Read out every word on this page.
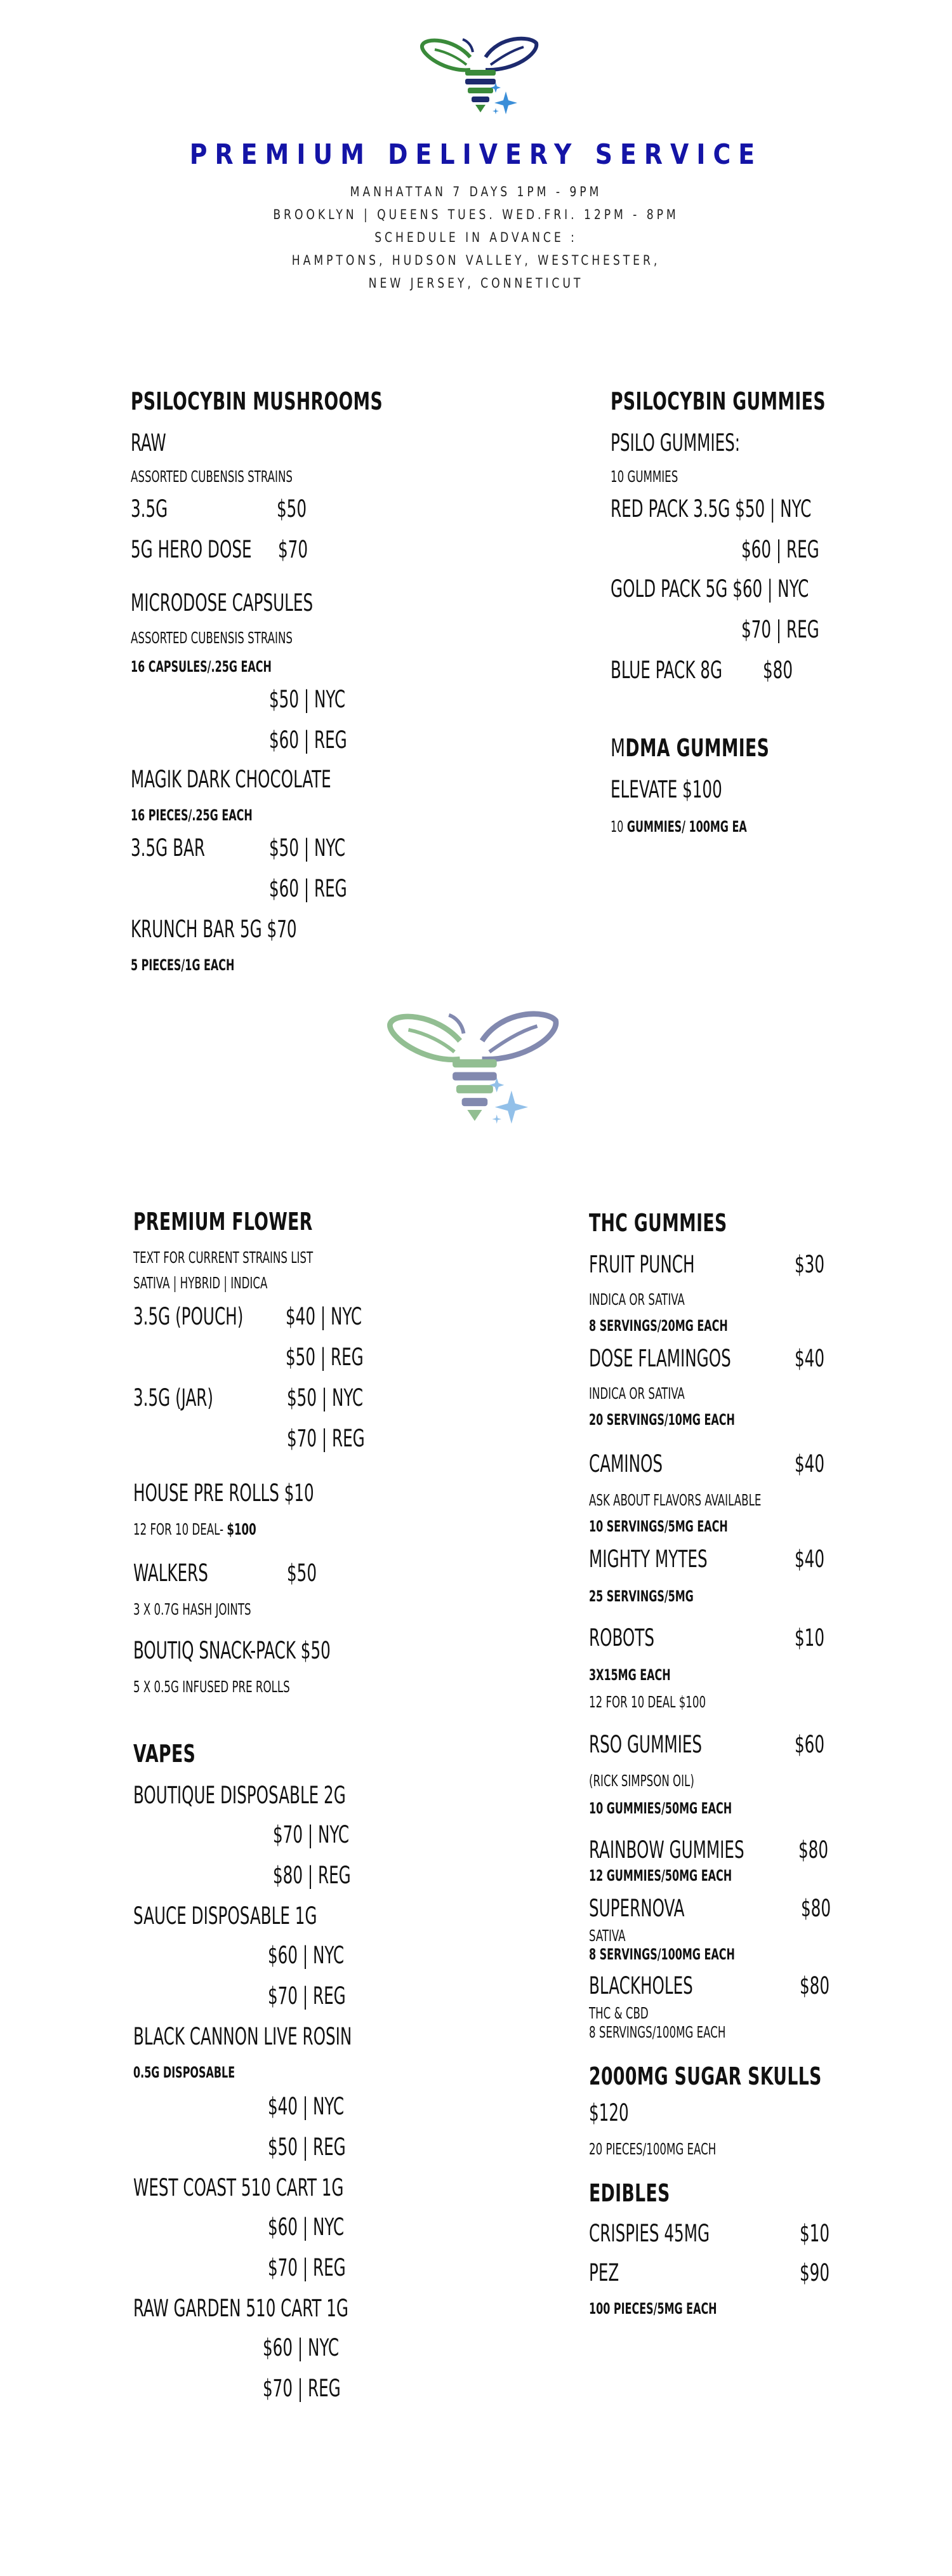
PREMIUM DELIVERY SERVICE
MANHATTAN 7 DAYS 1PM - 9PM
BROOKLYN | QUEENS TUES. WED.FRI. 12PM - 8PM
SCHEDULE IN ADVANCE :
HAMPTONS, HUDSON VALLEY, WESTCHESTER,
NEW JERSEY, CONNETICUT
PSILOCYBIN MUSHROOMS
RAW
ASSORTED CUBENSIS STRAINS
3.5G	$50
5G HERO DOSE $70
MICRODOSE CAPSULES
ASSORTED CUBENSIS STRAINS
16 CAPSULES/.25G EACH
$50 | NYC
$60 | REG
MAGIK DARK CHOCOLATE
16 PIECES/.25G EACH
3.5G BAR	$50 | NYC
$60 | REG
KRUNCH BAR 5G $70
5 PIECES/1G EACH
PSILOCYBIN GUMMIES
PSILO GUMMIES:
10 GUMMIES
RED PACK 3.5G $50 | NYC
$60 | REG
GOLD PACK 5G $60 | NYC
$70 | REG
BLUE PACK 8G $80
MDMA GUMMIES
ELEVATE $100
10 GUMMIES/ 100MG EA
PREMIUM FLOWER
TEXT FOR CURRENT STRAINS LIST
SATIVA | HYBRID | INDICA
3.5G (POUCH) $40 | NYC
$50 | REG
3.5G (JAR)	$50 | NYC
$70 | REG
HOUSE PRE ROLLS $10
12 FOR 10 DEAL- $100
WALKERS	$50
3 X 0.7G HASH JOINTS
BOUTIQ SNACK-PACK $50
5 X 0.5G INFUSED PRE ROLLS
VAPES
BOUTIQUE DISPOSABLE 2G
$70 | NYC
$80 | REG
SAUCE DISPOSABLE 1G
$60 | NYC
$70 | REG
BLACK CANNON LIVE ROSIN
0.5G DISPOSABLE
$40 | NYC
$50 | REG
WEST COAST 510 CART 1G
$60 | NYC
$70 | REG
RAW GARDEN 510 CART 1G
$60 | NYC
$70 | REG
THC GUMMIES
FRUIT PUNCH	$30
INDICA OR SATIVA
8 SERVINGS/20MG EACH
DOSE FLAMINGOS	$40
INDICA OR SATIVA
20 SERVINGS/10MG EACH
CAMINOS	$40
ASK ABOUT FLAVORS AVAILABLE
10 SERVINGS/5MG EACH
MIGHTY MYTES	$40
25 SERVINGS/5MG
ROBOTS	$10
3X15MG EACH
12 FOR 10 DEAL $100
RSO GUMMIES	$60
(RICK SIMPSON OIL)
10 GUMMIES/50MG EACH
RAINBOW GUMMIES $80
12 GUMMIES/50MG EACH
SUPERNOVA	$80
SATIVA
8 SERVINGS/100MG EACH
BLACKHOLES	$80
THC & CBD
8 SERVINGS/100MG EACH
2000MG SUGAR SKULLS
$120
20 PIECES/100MG EACH
EDIBLES
CRISPIES 45MG	$10
PEZ	$90
100 PIECES/5MG EACH
